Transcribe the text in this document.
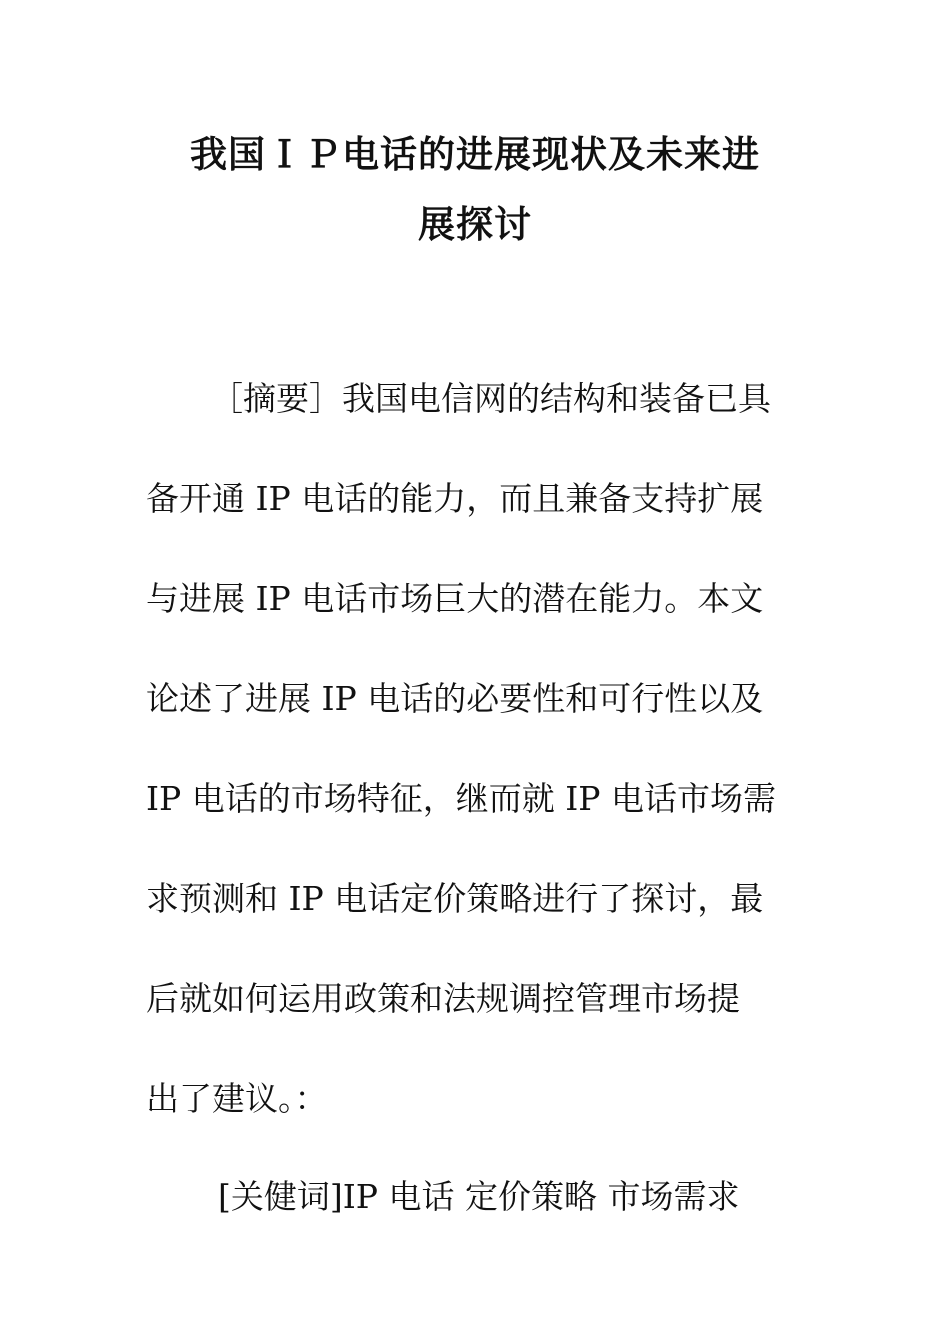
我国ＩＰ电话的进展现状及未来进
展探讨
［摘要］我国电信网的结构和装备已具
备开通 IP 电话的能力，而且兼备支持扩展
与进展 IP 电话市场巨大的潜在能力。本文
论述了进展 IP 电话的必要性和可行性以及
IP 电话的市场特征，继而就 IP 电话市场需
求预测和 IP 电话定价策略进行了探讨，最
后就如何运用政策和法规调控管理市场提
出了建议。：
[关健词]IP 电话 定价策略 市场需求
